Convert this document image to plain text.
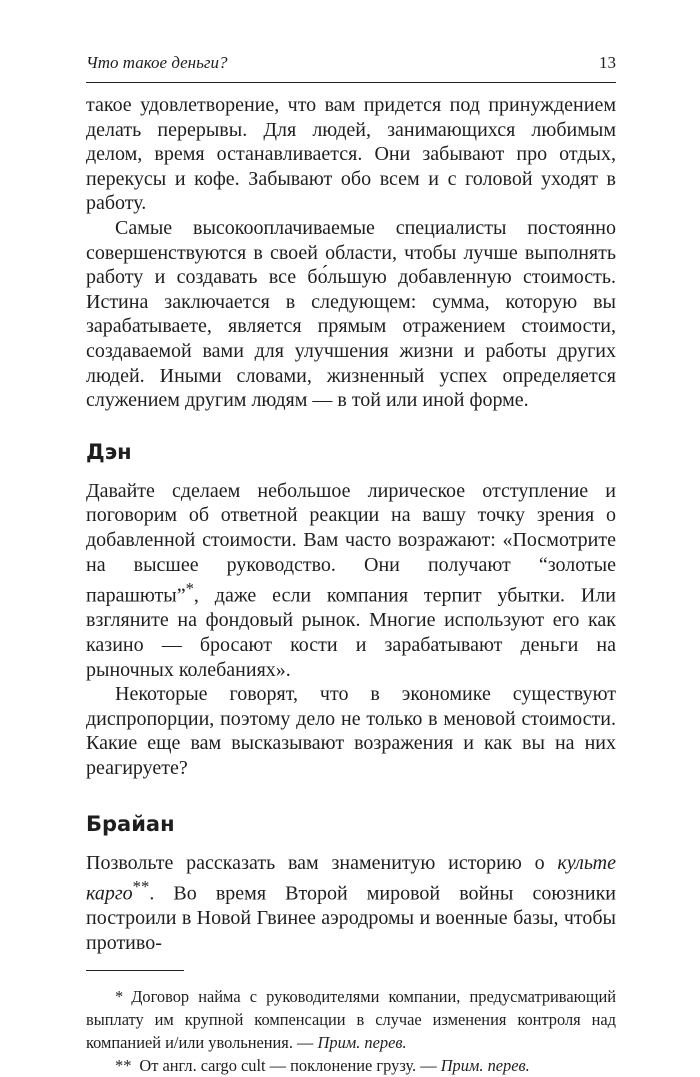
Что такое деньги?	13

такое удовлетворение, что вам придется под принуждением делать перерывы. Для людей, занимающихся любимым делом, время останавливается. Они забывают про отдых, перекусы и кофе. Забывают обо всем и с головой уходят в работу.

Самые высокооплачиваемые специалисты постоянно совершенствуются в своей области, чтобы лучше выполнять работу и создавать все бо́льшую добавленную стоимость. Истина заключается в следующем: сумма, которую вы зарабатываете, является прямым отражением стоимости, создаваемой вами для улучшения жизни и работы других людей. Иными словами, жизненный успех определяется служением другим людям — в той или иной форме.

Дэн

Давайте сделаем небольшое лирическое отступление и поговорим об ответной реакции на вашу точку зрения о добавленной стоимости. Вам часто возражают: «Посмотрите на высшее руководство. Они получают “золотые парашюты”*, даже если компания терпит убытки. Или взгляните на фондовый рынок. Многие используют его как казино — бросают кости и зарабатывают деньги на рыночных колебаниях».

Некоторые говорят, что в экономике существуют диспропорции, поэтому дело не только в меновой стоимости. Какие еще вам высказывают возражения и как вы на них реагируете?

Брайан

Позвольте рассказать вам знаменитую историю о культе карго**. Во время Второй мировой войны союзники построили в Новой Гвинее аэродромы и военные базы, чтобы противо-

* Договор найма с руководителями компании, предусматривающий выплату им крупной компенсации в случае изменения контроля над компанией и/или увольнения. — Прим. перев.

** От англ. cargo cult — поклонение грузу. — Прим. перев.
